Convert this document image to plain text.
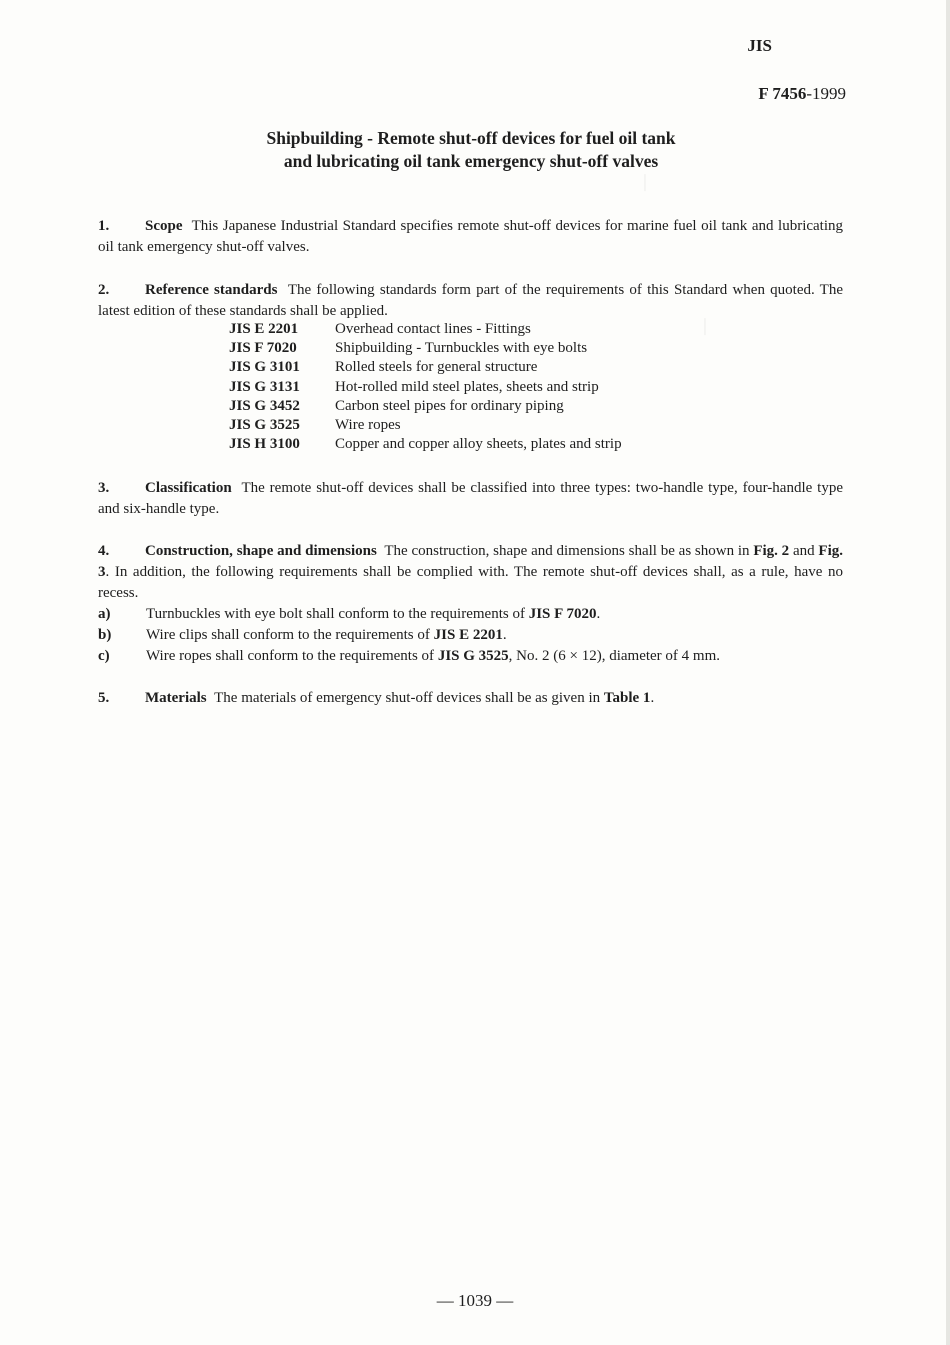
│
│
JIS
F 7456-1999
Shipbuilding - Remote shut-off devices for fuel oil tank
and lubricating oil tank emergency shut-off valves
1. Scope This Japanese Industrial Standard specifies remote shut-off devices for marine fuel oil tank and lubricating oil tank emergency shut-off valves.
2. Reference standards The following standards form part of the requirements of this Standard when quoted. The latest edition of these standards shall be applied.
JIS E 2201	Overhead contact lines - Fittings
JIS F 7020	Shipbuilding - Turnbuckles with eye bolts
JIS G 3101	Rolled steels for general structure
JIS G 3131	Hot-rolled mild steel plates, sheets and strip
JIS G 3452	Carbon steel pipes for ordinary piping
JIS G 3525	Wire ropes
JIS H 3100	Copper and copper alloy sheets, plates and strip
3. Classification The remote shut-off devices shall be classified into three types: two-handle type, four-handle type and six-handle type.
4. Construction, shape and dimensions The construction, shape and dimensions shall be as shown in Fig. 2 and Fig. 3. In addition, the following requirements shall be complied with. The remote shut-off devices shall, as a rule, have no recess.
a)	Turnbuckles with eye bolt shall conform to the requirements of JIS F 7020.
b)	Wire clips shall conform to the requirements of JIS E 2201.
c)	Wire ropes shall conform to the requirements of JIS G 3525, No. 2 (6 × 12), diameter of 4 mm.
5. Materials The materials of emergency shut-off devices shall be as given in Table 1.
— 1039 —
